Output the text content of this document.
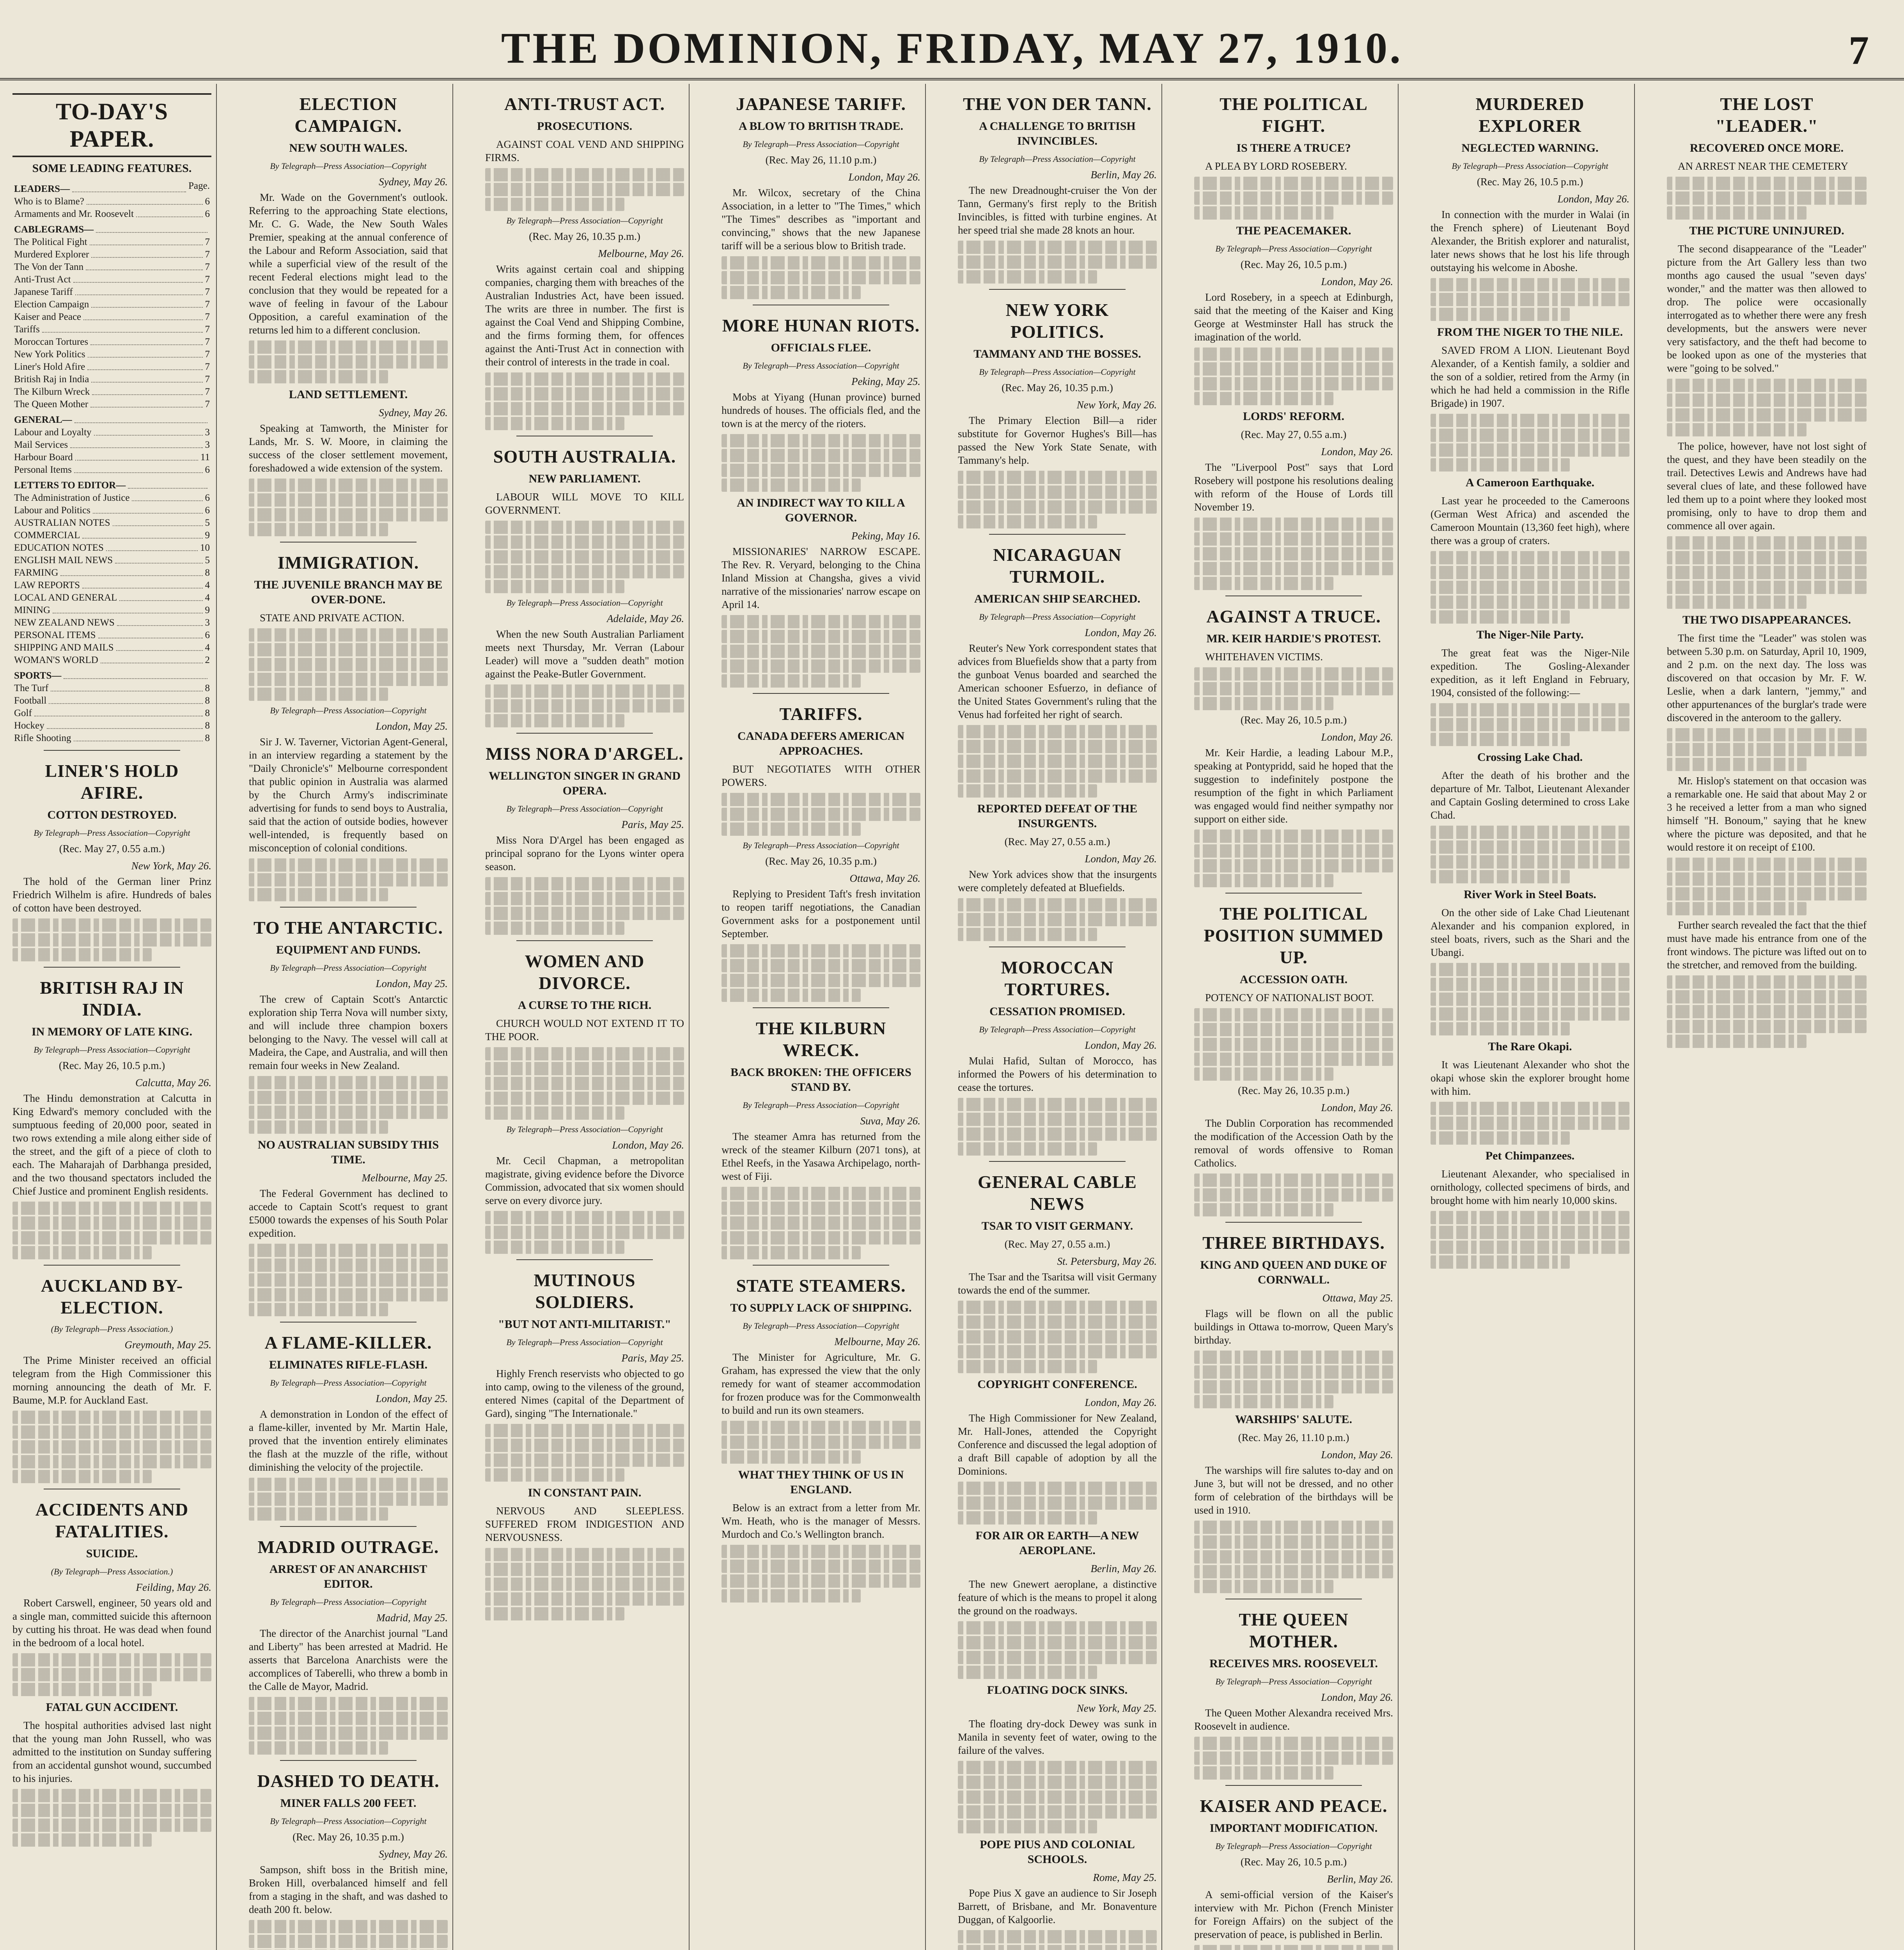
THE DOMINION, FRIDAY, MAY 27, 1910.	7
TO-DAY'S PAPER.
SOME LEADING FEATURES.
LEADERS—	Page.
Who is to Blame?	6
Armaments and Mr. Roosevelt	6
CABLEGRAMS—
The Political Fight	7
Murdered Explorer	7
The Von der Tann	7
Anti-Trust Act	7
Japanese Tariff	7
Election Campaign	7
Kaiser and Peace	7
Tariffs	7
Moroccan Tortures	7
New York Politics	7
Liner's Hold Afire	7
British Raj in India	7
The Kilburn Wreck	7
The Queen Mother	7
GENERAL—
Labour and Loyalty	3
Mail Services	3
Harbour Board	11
Personal Items	6
LETTERS TO EDITOR—
The Administration of Justice	6
Labour and Politics	6
AUSTRALIAN NOTES	5
COMMERCIAL	9
EDUCATION NOTES	10
ENGLISH MAIL NEWS	5
FARMING	8
LAW REPORTS	4
LOCAL AND GENERAL	4
MINING	9
NEW ZEALAND NEWS	3
PERSONAL ITEMS	6
SHIPPING AND MAILS	4
WOMAN'S WORLD	2
SPORTS—
The Turf	8
Football	8
Golf	8
Hockey	8
Rifle Shooting	8
LINER'S HOLD AFIRE.
COTTON DESTROYED.
By Telegraph—Press Association—Copyright
(Rec. May 27, 0.55 a.m.)
New York, May 26.

The hold of the German liner Prinz Friedrich Wilhelm is afire. Hundreds of bales of cotton have been destroyed.

BRITISH RAJ IN INDIA.
IN MEMORY OF LATE KING.
By Telegraph—Press Association—Copyright
(Rec. May 26, 10.5 p.m.)
Calcutta, May 26.

The Hindu demonstration at Calcutta in King Edward's memory concluded with the sumptuous feeding of 20,000 poor, seated in two rows extending a mile along either side of the street, and the gift of a piece of cloth to each. The Maharajah of Darbhanga presided, and the two thousand spectators included the Chief Justice and prominent English residents.

AUCKLAND BY-ELECTION.
(By Telegraph—Press Association.)
Greymouth, May 25.

The Prime Minister received an official telegram from the High Commissioner this morning announcing the death of Mr. F. Baume, M.P. for Auckland East.

ACCIDENTS AND FATALITIES.
SUICIDE.
(By Telegraph—Press Association.)
Feilding, May 26.

Robert Carswell, engineer, 50 years old and a single man, committed suicide this afternoon by cutting his throat. He was dead when found in the bedroom of a local hotel.

FATAL GUN ACCIDENT.

The hospital authorities advised last night that the young man John Russell, who was admitted to the institution on Sunday suffering from an accidental gunshot wound, succumbed to his injuries.

ELECTION CAMPAIGN.
NEW SOUTH WALES.
By Telegraph—Press Association—Copyright
Sydney, May 26.

Mr. Wade on the Government's outlook. Referring to the approaching State elections, Mr. C. G. Wade, the New South Wales Premier, speaking at the annual conference of the Labour and Reform Association, said that while a superficial view of the result of the recent Federal elections might lead to the conclusion that they would be repeated for a wave of feeling in favour of the Labour Opposition, a careful examination of the returns led him to a different conclusion.

LAND SETTLEMENT.
Sydney, May 26.

Speaking at Tamworth, the Minister for Lands, Mr. S. W. Moore, in claiming the success of the closer settlement movement, foreshadowed a wide extension of the system.

IMMIGRATION.
THE JUVENILE BRANCH MAY BE OVER-DONE.

STATE AND PRIVATE ACTION.

By Telegraph—Press Association—Copyright
London, May 25.

Sir J. W. Taverner, Victorian Agent-General, in an interview regarding a statement by the "Daily Chronicle's" Melbourne correspondent that public opinion in Australia was alarmed by the Church Army's indiscriminate advertising for funds to send boys to Australia, said that the action of outside bodies, however well-intended, is frequently based on misconception of colonial conditions.

TO THE ANTARCTIC.
EQUIPMENT AND FUNDS.
By Telegraph—Press Association—Copyright
London, May 25.

The crew of Captain Scott's Antarctic exploration ship Terra Nova will number sixty, and will include three champion boxers belonging to the Navy. The vessel will call at Madeira, the Cape, and Australia, and will then remain four weeks in New Zealand.

NO AUSTRALIAN SUBSIDY THIS TIME.
Melbourne, May 25.

The Federal Government has declined to accede to Captain Scott's request to grant £5000 towards the expenses of his South Polar expedition.

A FLAME-KILLER.
ELIMINATES RIFLE-FLASH.
By Telegraph—Press Association—Copyright
London, May 25.

A demonstration in London of the effect of a flame-killer, invented by Mr. Martin Hale, proved that the invention entirely eliminates the flash at the muzzle of the rifle, without diminishing the velocity of the projectile.

MADRID OUTRAGE.
ARREST OF AN ANARCHIST EDITOR.
By Telegraph—Press Association—Copyright
Madrid, May 25.

The director of the Anarchist journal "Land and Liberty" has been arrested at Madrid. He asserts that Barcelona Anarchists were the accomplices of Taberelli, who threw a bomb in the Calle de Mayor, Madrid.

DASHED TO DEATH.
MINER FALLS 200 FEET.
By Telegraph—Press Association—Copyright
(Rec. May 26, 10.35 p.m.)
Sydney, May 26.

Sampson, shift boss in the British mine, Broken Hill, overbalanced himself and fell from a staging in the shaft, and was dashed to death 200 ft. below.

ANTI-TRUST ACT.
PROSECUTIONS.

AGAINST COAL VEND AND SHIPPING FIRMS.

By Telegraph—Press Association—Copyright
(Rec. May 26, 10.35 p.m.)
Melbourne, May 26.

Writs against certain coal and shipping companies, charging them with breaches of the Australian Industries Act, have been issued. The writs are three in number. The first is against the Coal Vend and Shipping Combine, and the firms forming them, for offences against the Anti-Trust Act in connection with their control of interests in the trade in coal.

SOUTH AUSTRALIA.
NEW PARLIAMENT.

LABOUR WILL MOVE TO KILL GOVERNMENT.

By Telegraph—Press Association—Copyright
Adelaide, May 26.

When the new South Australian Parliament meets next Thursday, Mr. Verran (Labour Leader) will move a "sudden death" motion against the Peake-Butler Government.

MISS NORA D'ARGEL.
WELLINGTON SINGER IN GRAND OPERA.
By Telegraph—Press Association—Copyright
Paris, May 25.

Miss Nora D'Argel has been engaged as principal soprano for the Lyons winter opera season.

WOMEN AND DIVORCE.
A CURSE TO THE RICH.

CHURCH WOULD NOT EXTEND IT TO THE POOR.

By Telegraph—Press Association—Copyright
London, May 26.

Mr. Cecil Chapman, a metropolitan magistrate, giving evidence before the Divorce Commission, advocated that six women should serve on every divorce jury.

MUTINOUS SOLDIERS.
"BUT NOT ANTI-MILITARIST."
By Telegraph—Press Association—Copyright
Paris, May 25.

Highly French reservists who objected to go into camp, owing to the vileness of the ground, entered Nimes (capital of the Department of Gard), singing "The Internationale."

IN CONSTANT PAIN.

NERVOUS AND SLEEPLESS. SUFFERED FROM INDIGESTION AND NERVOUSNESS.

JAPANESE TARIFF.
A BLOW TO BRITISH TRADE.
By Telegraph—Press Association—Copyright
(Rec. May 26, 11.10 p.m.)
London, May 26.

Mr. Wilcox, secretary of the China Association, in a letter to "The Times," which "The Times" describes as "important and convincing," shows that the new Japanese tariff will be a serious blow to British trade.

MORE HUNAN RIOTS.
OFFICIALS FLEE.
By Telegraph—Press Association—Copyright
Peking, May 25.

Mobs at Yiyang (Hunan province) burned hundreds of houses. The officials fled, and the town is at the mercy of the rioters.

AN INDIRECT WAY TO KILL A GOVERNOR.
Peking, May 16.

MISSIONARIES' NARROW ESCAPE. The Rev. R. Veryard, belonging to the China Inland Mission at Changsha, gives a vivid narrative of the missionaries' narrow escape on April 14.

TARIFFS.
CANADA DEFERS AMERICAN APPROACHES.

BUT NEGOTIATES WITH OTHER POWERS.

By Telegraph—Press Association—Copyright
(Rec. May 26, 10.35 p.m.)
Ottawa, May 26.

Replying to President Taft's fresh invitation to reopen tariff negotiations, the Canadian Government asks for a postponement until September.

THE KILBURN WRECK.
BACK BROKEN: THE OFFICERS STAND BY.
By Telegraph—Press Association—Copyright
Suva, May 26.

The steamer Amra has returned from the wreck of the steamer Kilburn (2071 tons), at Ethel Reefs, in the Yasawa Archipelago, north-west of Fiji.

STATE STEAMERS.
TO SUPPLY LACK OF SHIPPING.
By Telegraph—Press Association—Copyright
Melbourne, May 26.

The Minister for Agriculture, Mr. G. Graham, has expressed the view that the only remedy for want of steamer accommodation for frozen produce was for the Commonwealth to build and run its own steamers.

WHAT THEY THINK OF US IN ENGLAND.

Below is an extract from a letter from Mr. Wm. Heath, who is the manager of Messrs. Murdoch and Co.'s Wellington branch.

THE VON DER TANN.
A CHALLENGE TO BRITISH INVINCIBLES.
By Telegraph—Press Association—Copyright
Berlin, May 26.

The new Dreadnought-cruiser the Von der Tann, Germany's first reply to the British Invincibles, is fitted with turbine engines. At her speed trial she made 28 knots an hour.

NEW YORK POLITICS.
TAMMANY AND THE BOSSES.
By Telegraph—Press Association—Copyright
(Rec. May 26, 10.35 p.m.)
New York, May 26.

The Primary Election Bill—a rider substitute for Governor Hughes's Bill—has passed the New York State Senate, with Tammany's help.

NICARAGUAN TURMOIL.
AMERICAN SHIP SEARCHED.
By Telegraph—Press Association—Copyright
London, May 26.

Reuter's New York correspondent states that advices from Bluefields show that a party from the gunboat Venus boarded and searched the American schooner Esfuerzo, in defiance of the United States Government's ruling that the Venus had forfeited her right of search.

REPORTED DEFEAT OF THE INSURGENTS.
(Rec. May 27, 0.55 a.m.)
London, May 26.

New York advices show that the insurgents were completely defeated at Bluefields.

MOROCCAN TORTURES.
CESSATION PROMISED.
By Telegraph—Press Association—Copyright
London, May 26.

Mulai Hafid, Sultan of Morocco, has informed the Powers of his determination to cease the tortures.

GENERAL CABLE NEWS
TSAR TO VISIT GERMANY.
(Rec. May 27, 0.55 a.m.)
St. Petersburg, May 26.

The Tsar and the Tsaritsa will visit Germany towards the end of the summer.

COPYRIGHT CONFERENCE.
London, May 26.

The High Commissioner for New Zealand, Mr. Hall-Jones, attended the Copyright Conference and discussed the legal adoption of a draft Bill capable of adoption by all the Dominions.

FOR AIR OR EARTH—A NEW AEROPLANE.
Berlin, May 26.

The new Gnewert aeroplane, a distinctive feature of which is the means to propel it along the ground on the roadways.

FLOATING DOCK SINKS.
New York, May 25.

The floating dry-dock Dewey was sunk in Manila in seventy feet of water, owing to the failure of the valves.

POPE PIUS AND COLONIAL SCHOOLS.
Rome, May 25.

Pope Pius X gave an audience to Sir Joseph Barrett, of Brisbane, and Mr. Bonaventure Duggan, of Kalgoorlie.

THE POLITICAL FIGHT.
IS THERE A TRUCE?

A PLEA BY LORD ROSEBERY.

THE PEACEMAKER.
By Telegraph—Press Association—Copyright
(Rec. May 26, 10.5 p.m.)
London, May 26.

Lord Rosebery, in a speech at Edinburgh, said that the meeting of the Kaiser and King George at Westminster Hall has struck the imagination of the world.

LORDS' REFORM.
(Rec. May 27, 0.55 a.m.)
London, May 26.

The "Liverpool Post" says that Lord Rosebery will postpone his resolutions dealing with reform of the House of Lords till November 19.

AGAINST A TRUCE.
MR. KEIR HARDIE'S PROTEST.

WHITEHAVEN VICTIMS.

(Rec. May 26, 10.5 p.m.)
London, May 26.

Mr. Keir Hardie, a leading Labour M.P., speaking at Pontypridd, said he hoped that the suggestion to indefinitely postpone the resumption of the fight in which Parliament was engaged would find neither sympathy nor support on either side.

THE POLITICAL POSITION SUMMED UP.
ACCESSION OATH.

POTENCY OF NATIONALIST BOOT.

(Rec. May 26, 10.35 p.m.)
London, May 26.

The Dublin Corporation has recommended the modification of the Accession Oath by the removal of words offensive to Roman Catholics.

THREE BIRTHDAYS.
KING AND QUEEN AND DUKE OF CORNWALL.
Ottawa, May 25.

Flags will be flown on all the public buildings in Ottawa to-morrow, Queen Mary's birthday.

WARSHIPS' SALUTE.
(Rec. May 26, 11.10 p.m.)
London, May 26.

The warships will fire salutes to-day and on June 3, but will not be dressed, and no other form of celebration of the birthdays will be used in 1910.

THE QUEEN MOTHER.
RECEIVES MRS. ROOSEVELT.
By Telegraph—Press Association—Copyright
London, May 26.

The Queen Mother Alexandra received Mrs. Roosevelt in audience.

KAISER AND PEACE.
IMPORTANT MODIFICATION.
By Telegraph—Press Association—Copyright
(Rec. May 26, 10.5 p.m.)
Berlin, May 26.

A semi-official version of the Kaiser's interview with Mr. Pichon (French Minister for Foreign Affairs) on the subject of the preservation of peace, is published in Berlin.

MURDERED EXPLORER
NEGLECTED WARNING.
By Telegraph—Press Association—Copyright
(Rec. May 26, 10.5 p.m.)
London, May 26.

In connection with the murder in Walai (in the French sphere) of Lieutenant Boyd Alexander, the British explorer and naturalist, later news shows that he lost his life through outstaying his welcome in Aboshe.

FROM THE NIGER TO THE NILE.

SAVED FROM A LION. Lieutenant Boyd Alexander, of a Kentish family, a soldier and the son of a soldier, retired from the Army (in which he had held a commission in the Rifle Brigade) in 1907.

A Cameroon Earthquake.

Last year he proceeded to the Cameroons (German West Africa) and ascended the Cameroon Mountain (13,360 feet high), where there was a group of craters.

The Niger-Nile Party.

The great feat was the Niger-Nile expedition. The Gosling-Alexander expedition, as it left England in February, 1904, consisted of the following:—

Crossing Lake Chad.

After the death of his brother and the departure of Mr. Talbot, Lieutenant Alexander and Captain Gosling determined to cross Lake Chad.

River Work in Steel Boats.

On the other side of Lake Chad Lieutenant Alexander and his companion explored, in steel boats, rivers, such as the Shari and the Ubangi.

The Rare Okapi.

It was Lieutenant Alexander who shot the okapi whose skin the explorer brought home with him.

Pet Chimpanzees.

Lieutenant Alexander, who specialised in ornithology, collected specimens of birds, and brought home with him nearly 10,000 skins.

THE LOST "LEADER."
RECOVERED ONCE MORE.

AN ARREST NEAR THE CEMETERY

THE PICTURE UNINJURED.

The second disappearance of the "Leader" picture from the Art Gallery less than two months ago caused the usual "seven days' wonder," and the matter was then allowed to drop. The police were occasionally interrogated as to whether there were any fresh developments, but the answers were never very satisfactory, and the theft had become to be looked upon as one of the mysteries that were "going to be solved."

The police, however, have not lost sight of the quest, and they have been steadily on the trail. Detectives Lewis and Andrews have had several clues of late, and these followed have led them up to a point where they looked most promising, only to have to drop them and commence all over again.

THE TWO DISAPPEARANCES.

The first time the "Leader" was stolen was between 5.30 p.m. on Saturday, April 10, 1909, and 2 p.m. on the next day. The loss was discovered on that occasion by Mr. F. W. Leslie, when a dark lantern, "jemmy," and other appurtenances of the burglar's trade were discovered in the anteroom to the gallery.

Mr. Hislop's statement on that occasion was a remarkable one. He said that about May 2 or 3 he received a letter from a man who signed himself "H. Bonoum," saying that he knew where the picture was deposited, and that he would restore it on receipt of £100.

Further search revealed the fact that the thief must have made his entrance from one of the front windows. The picture was lifted out on to the stretcher, and removed from the building.
